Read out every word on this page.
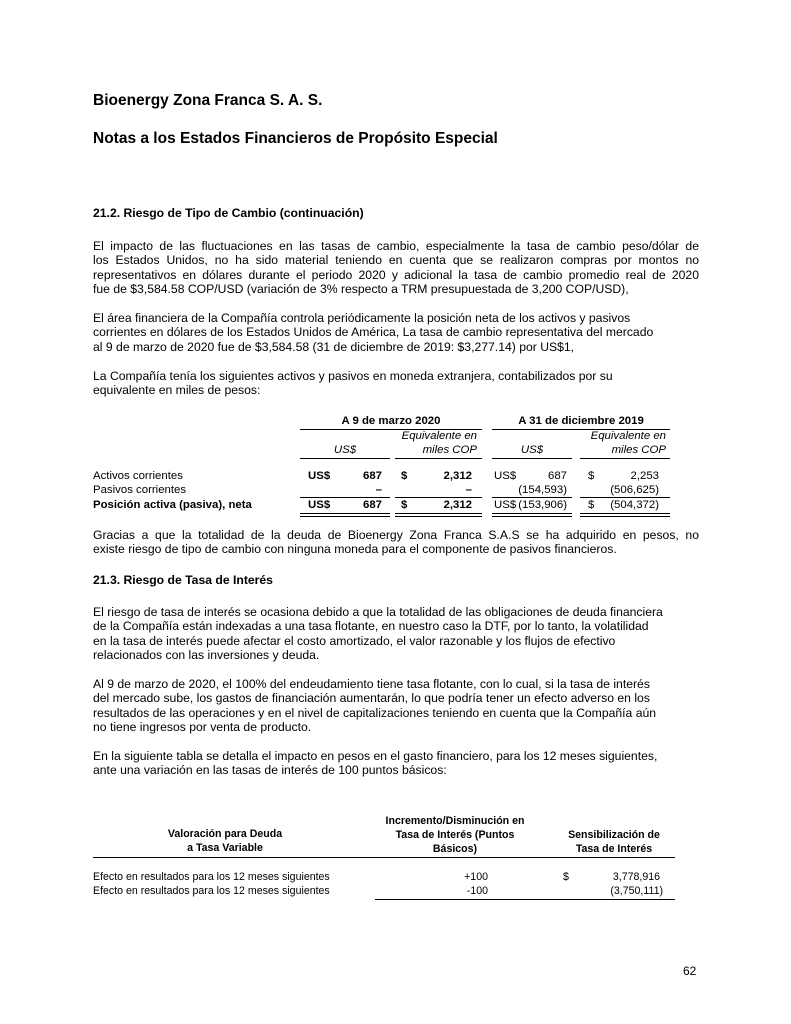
Bioenergy Zona Franca S. A. S.
Notas a los Estados Financieros de Propósito Especial
21.2. Riesgo de Tipo de Cambio (continuación)
El impacto de las fluctuaciones en las tasas de cambio, especialmente la tasa de cambio peso/dólar de
los Estados Unidos, no ha sido material teniendo en cuenta que se realizaron compras por montos no
representativos en dólares durante el periodo 2020 y adicional la tasa de cambio promedio real de 2020
fue de $3,584.58 COP/USD (variación de 3% respecto a TRM presupuestada de 3,200 COP/USD),
El área financiera de la Compañía controla periódicamente la posición neta de los activos y pasivos
corrientes en dólares de los Estados Unidos de América, La tasa de cambio representativa del mercado
al 9 de marzo de 2020 fue de $3,584.58 (31 de diciembre de 2019: $3,277.14) por US$1,
La Compañía tenía los siguientes activos y pasivos en moneda extranjera, contabilizados por su
equivalente en miles de pesos:
A 9 de marzo 2020	A 31 de diciembre 2019
US$
Equivalente en
miles COP	US$
Equivalente en
miles COP
Activos corrientes	US$	687 $	2,312 US$	687 $	2,253
Pasivos corrientes	–	–	(154,593)	(506,625)
Posición activa (pasiva), neta	US$	687 $	2,312 US$ (153,906) $	(504,372)
Gracias a que la totalidad de la deuda de Bioenergy Zona Franca S.A.S se ha adquirido en pesos, no
existe riesgo de tipo de cambio con ninguna moneda para el componente de pasivos financieros.
21.3. Riesgo de Tasa de Interés
El riesgo de tasa de interés se ocasiona debido a que la totalidad de las obligaciones de deuda financiera
de la Compañía están indexadas a una tasa flotante, en nuestro caso la DTF, por lo tanto, la volatilidad
en la tasa de interés puede afectar el costo amortizado, el valor razonable y los flujos de efectivo
relacionados con las inversiones y deuda.
Al 9 de marzo de 2020, el 100% del endeudamiento tiene tasa flotante, con lo cual, si la tasa de interés
del mercado sube, los gastos de financiación aumentarán, lo que podría tener un efecto adverso en los
resultados de las operaciones y en el nivel de capitalizaciones teniendo en cuenta que la Compañía aún
no tiene ingresos por venta de producto.
En la siguiente tabla se detalla el impacto en pesos en el gasto financiero, para los 12 meses siguientes,
ante una variación en las tasas de interés de 100 puntos básicos:
Valoración para Deuda
a Tasa Variable
Incremento/Disminución en
Tasa de Interés (Puntos
Básicos)
Sensibilización de
Tasa de Interés
Efecto en resultados para los 12 meses siguientes	+100	$	3,778,916
Efecto en resultados para los 12 meses siguientes	-100	(3,750,111)
62
